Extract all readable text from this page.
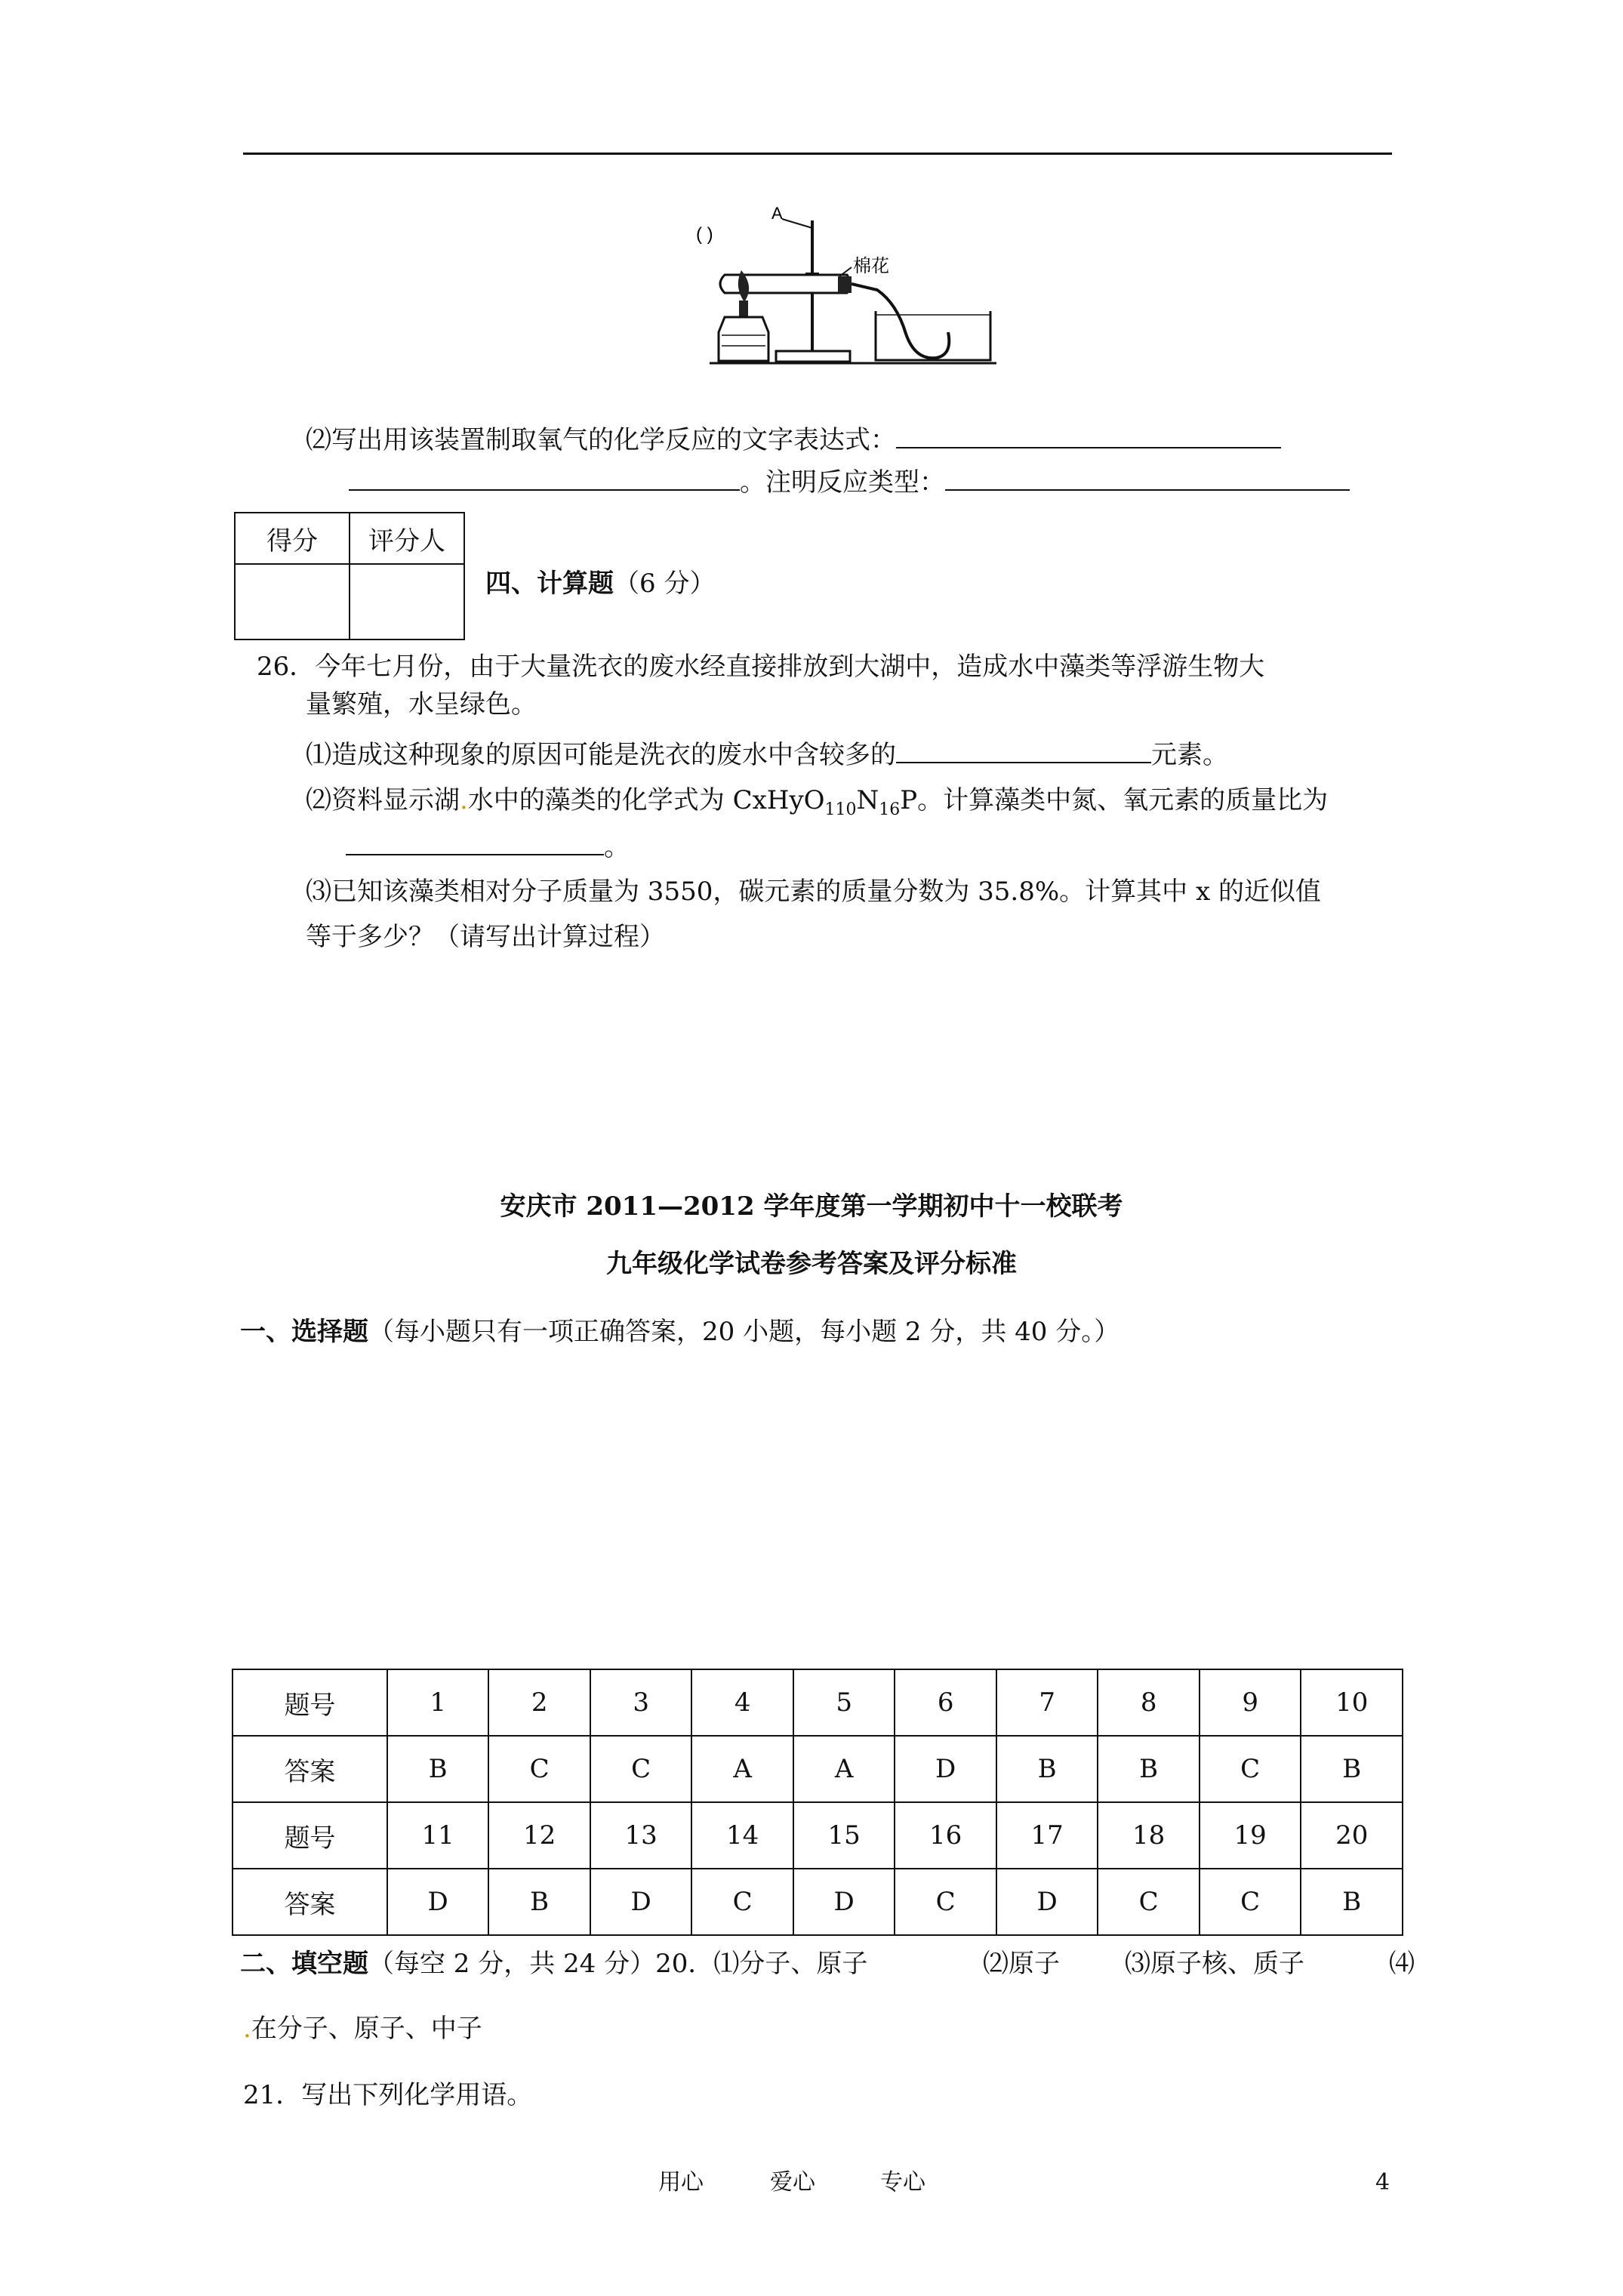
A
( )
棉花
⑵写出用该装置制取氧气的化学反应的文字表达式：
。注明反应类型：
得分	评分人

四、计算题（6 分）
26．今年七月份，由于大量洗衣的废水经直接排放到大湖中，造成水中藻类等浮游生物大
量繁殖，水呈绿色。
⑴造成这种现象的原因可能是洗衣的废水中含较多的	元素。
⑵资料显示湖.水中的藻类的化学式为 $CxHyO_{110}N_{16}P$。计算藻类中氮、氧元素的质量比为
。
⑶已知该藻类相对分子质量为 3550，碳元素的质量分数为 35.8%。计算其中 x 的近似值
等于多少？（请写出计算过程）
安庆市 2011—2012 学年度第一学期初中十一校联考
九年级化学试卷参考答案及评分标准
一、选择题（每小题只有一项正确答案，20 小题，每小题 2 分，共 40 分。）
题号	1	2	3	4	5	6	7	8	9	10
答案	B	C	C	A	A	D	B	B	C	B
题号	11	12	13	14	15	16	17	18	19	20
答案	D	B	D	C	D	C	D	C	C	B
二、填空题（每空 2 分，共 24 分）20．⑴分子、原子	⑵原子	⑶原子核、质子	⑷
.在分子、原子、中子
21．写出下列化学用语。
用心	爱心	专心	4
